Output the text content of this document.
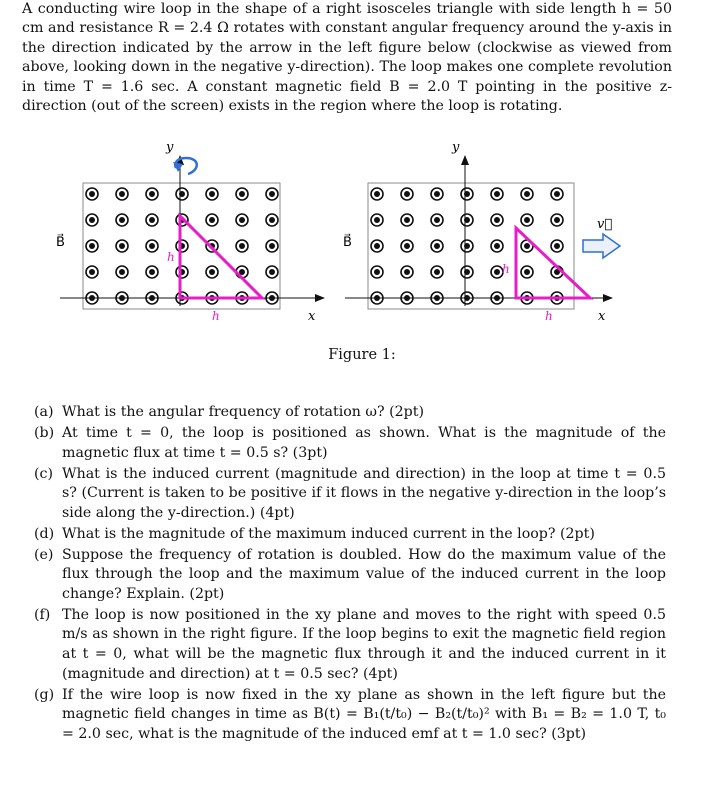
A conducting wire loop in the shape of a right isosceles triangle with side length h = 50 cm and resistance R = 2.4 Ω rotates with constant angular frequency around the y-axis in the direction indicated by the arrow in the left figure below (clockwise as viewed from above, looking down in the negative y-direction). The loop makes one complete revolution in time T = 1.6 sec. A constant magnetic field B = 2.0 T pointing in the positive z-direction (out of the screen) exists in the region where the loop is rotating.

y
x
B⃗
h
h
y
x
B⃗
v⃗
h
h
Figure 1:
(a) What is the angular frequency of rotation ω? (2pt)
(b) At time t = 0, the loop is positioned as shown. What is the magnitude of the magnetic flux at time t = 0.5 s? (3pt)
(c) What is the induced current (magnitude and direction) in the loop at time t = 0.5 s? (Current is taken to be positive if it flows in the negative y-direction in the loop’s side along the y-direction.) (4pt)
(d) What is the magnitude of the maximum induced current in the loop? (2pt)
(e) Suppose the frequency of rotation is doubled. How do the maximum value of the flux through the loop and the maximum value of the induced current in the loop change? Explain. (2pt)
(f) The loop is now positioned in the xy plane and moves to the right with speed 0.5 m/s as shown in the right figure. If the loop begins to exit the magnetic field region at t = 0, what will be the magnetic flux through it and the induced current in it (magnitude and direction) at t = 0.5 sec? (4pt)
(g) If the wire loop is now fixed in the xy plane as shown in the left figure but the magnetic field changes in time as B(t) = B₁(t/t₀) − B₂(t/t₀)² with B₁ = B₂ = 1.0 T, t₀ = 2.0 sec, what is the magnitude of the induced emf at t = 1.0 sec? (3pt)
